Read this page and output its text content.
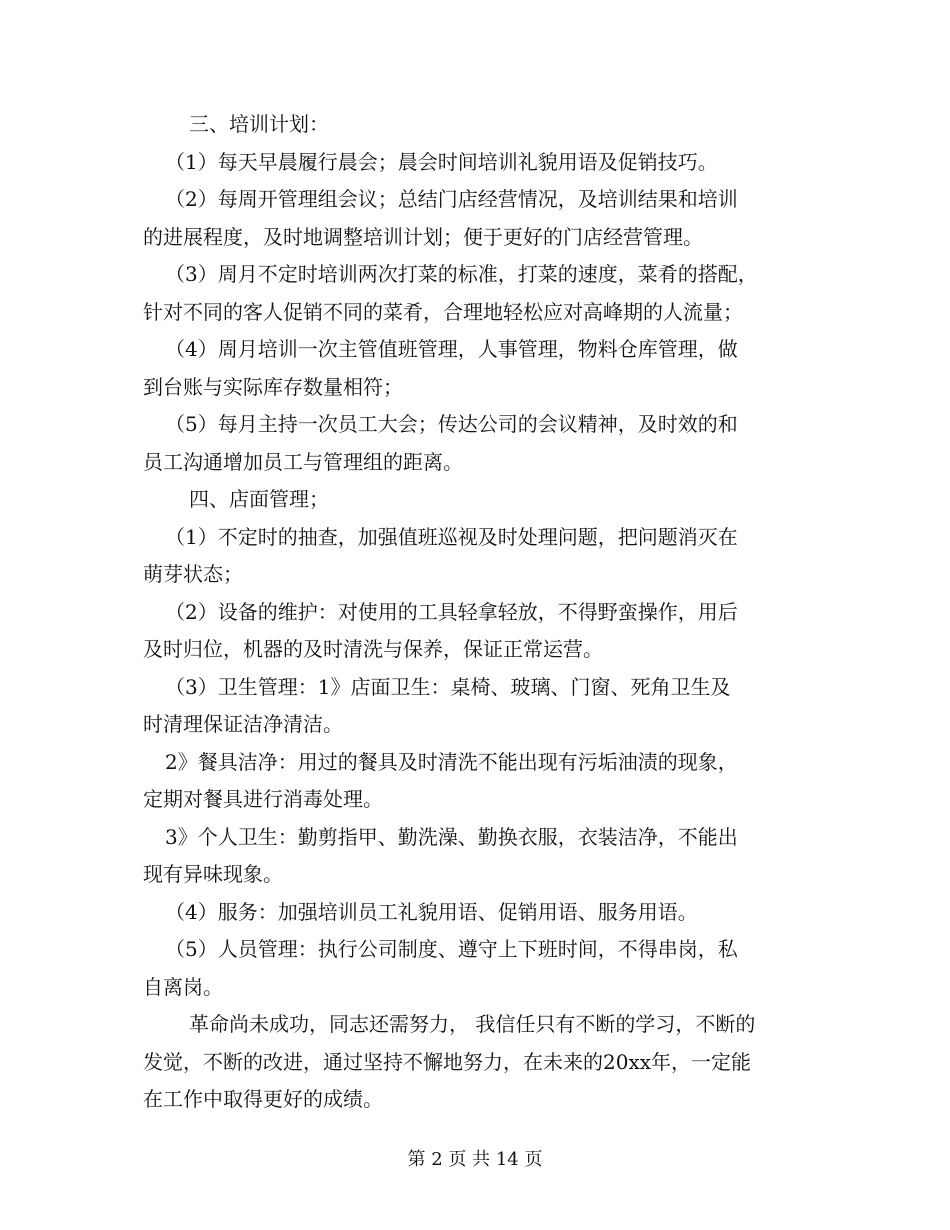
三、培训计划：
（1）每天早晨履行晨会；晨会时间培训礼貌用语及促销技巧。
（2）每周开管理组会议；总结门店经营情况，及培训结果和培训
的进展程度，及时地调整培训计划；便于更好的门店经营管理。
（3）周月不定时培训两次打菜的标准，打菜的速度，菜肴的搭配，
针对不同的客人促销不同的菜肴，合理地轻松应对高峰期的人流量；
（4）周月培训一次主管值班管理，人事管理，物料仓库管理，做
到台账与实际库存数量相符；
（5）每月主持一次员工大会；传达公司的会议精神，及时效的和
员工沟通增加员工与管理组的距离。
四、店面管理；
（1）不定时的抽查，加强值班巡视及时处理问题，把问题消灭在
萌芽状态；
（2）设备的维护：对使用的工具轻拿轻放，不得野蛮操作，用后
及时归位，机器的及时清洗与保养，保证正常运营。
（3）卫生管理：1》店面卫生：桌椅、玻璃、门窗、死角卫生及
时清理保证洁净清洁。
2》餐具洁净：用过的餐具及时清洗不能出现有污垢油渍的现象，
定期对餐具进行消毒处理。
3》个人卫生：勤剪指甲、勤洗澡、勤换衣服，衣装洁净，不能出
现有异味现象。
（4）服务：加强培训员工礼貌用语、促销用语、服务用语。
（5）人员管理：执行公司制度、遵守上下班时间，不得串岗，私
自离岗。
革命尚未成功，同志还需努力， 我信任只有不断的学习，不断的
发觉，不断的改进，通过坚持不懈地努力，在未来的20xx年，一定能
在工作中取得更好的成绩。
第 2 页 共 14 页
